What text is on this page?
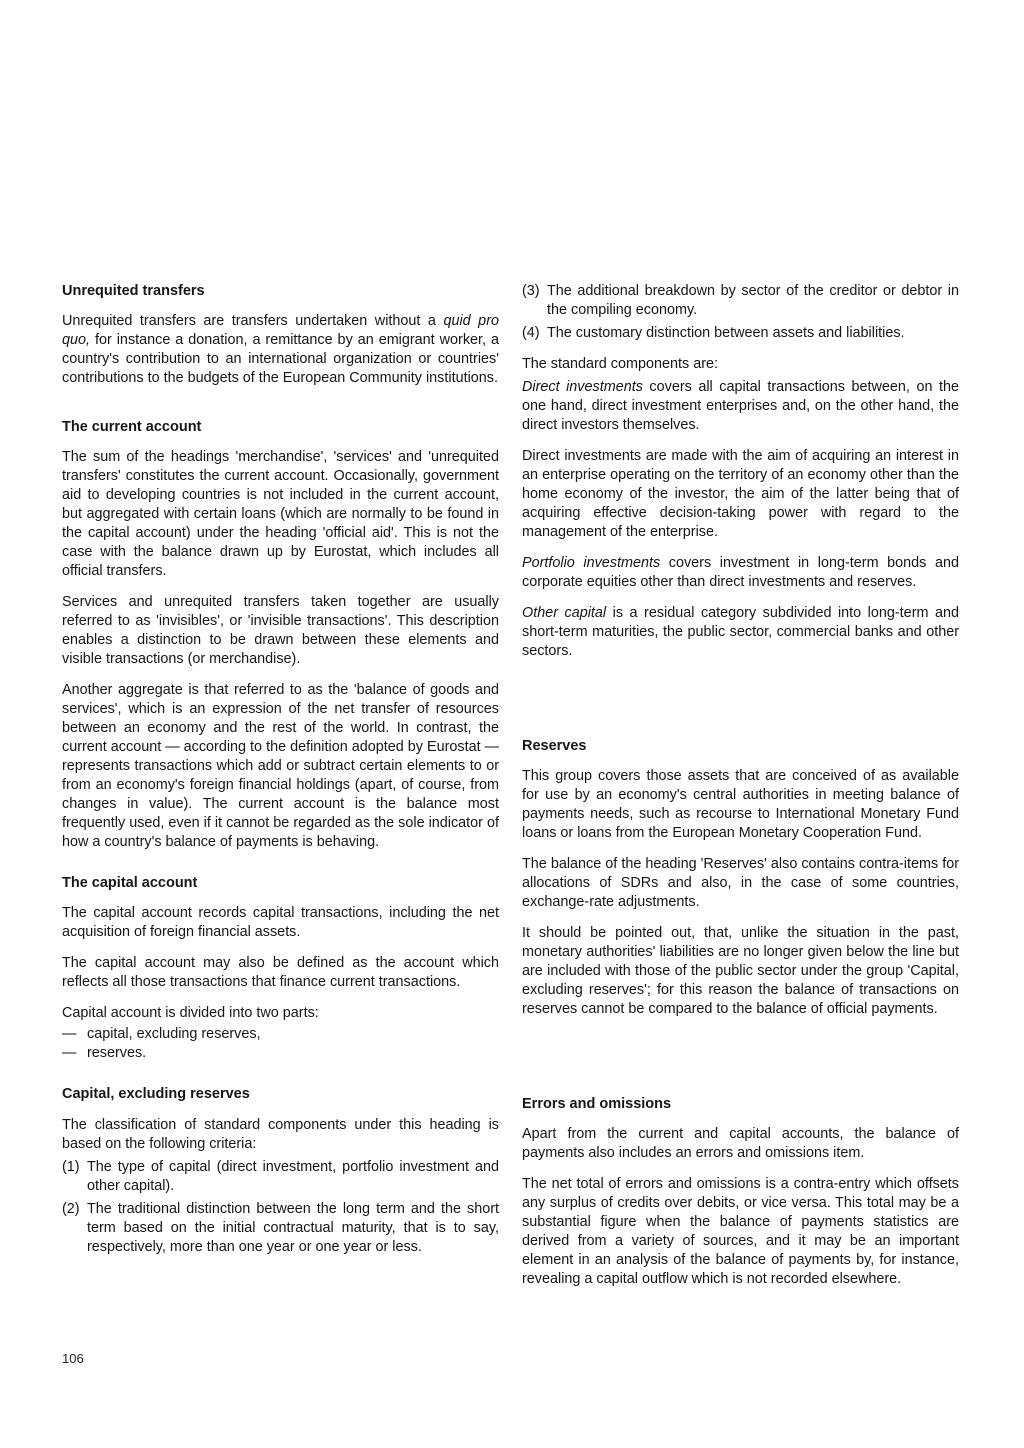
Unrequited transfers

Unrequited transfers are transfers undertaken without a quid pro quo, for instance a donation, a remittance by an emigrant worker, a country's contribution to an international organization or countries' contributions to the budgets of the European Community institutions.

The current account

The sum of the headings 'merchandise', 'services' and 'unrequited transfers' constitutes the current account. Occasionally, government aid to developing countries is not included in the current account, but aggregated with certain loans (which are normally to be found in the capital account) under the heading 'official aid'. This is not the case with the balance drawn up by Eurostat, which includes all official transfers.

Services and unrequited transfers taken together are usually referred to as 'invisibles', or 'invisible transactions'. This description enables a distinction to be drawn between these elements and visible transactions (or merchandise).

Another aggregate is that referred to as the 'balance of goods and services', which is an expression of the net transfer of resources between an economy and the rest of the world. In contrast, the current account — according to the definition adopted by Eurostat — represents transactions which add or subtract certain elements to or from an economy's foreign financial holdings (apart, of course, from changes in value). The current account is the balance most frequently used, even if it cannot be regarded as the sole indicator of how a country's balance of payments is behaving.

The capital account

The capital account records capital transactions, including the net acquisition of foreign financial assets.

The capital account may also be defined as the account which reflects all those transactions that finance current transactions.

Capital account is divided into two parts:

— capital, excluding reserves,
— reserves.
Capital, excluding reserves

The classification of standard components under this heading is based on the following criteria:

(1) The type of capital (direct investment, portfolio investment and other capital).
(2) The traditional distinction between the long term and the short term based on the initial contractual maturity, that is to say, respectively, more than one year or one year or less.
(3) The additional breakdown by sector of the creditor or debtor in the compiling economy.
(4) The customary distinction between assets and liabilities.

The standard components are:

Direct investments covers all capital transactions between, on the one hand, direct investment enterprises and, on the other hand, the direct investors themselves.

Direct investments are made with the aim of acquiring an interest in an enterprise operating on the territory of an economy other than the home economy of the investor, the aim of the latter being that of acquiring effective decision-taking power with regard to the management of the enterprise.

Portfolio investments covers investment in long-term bonds and corporate equities other than direct investments and reserves.

Other capital is a residual category subdivided into long-term and short-term maturities, the public sector, commercial banks and other sectors.

Reserves

This group covers those assets that are conceived of as available for use by an economy's central authorities in meeting balance of payments needs, such as recourse to International Monetary Fund loans or loans from the European Monetary Cooperation Fund.

The balance of the heading 'Reserves' also contains contra-items for allocations of SDRs and also, in the case of some countries, exchange-rate adjustments.

It should be pointed out, that, unlike the situation in the past, monetary authorities' liabilities are no longer given below the line but are included with those of the public sector under the group 'Capital, excluding reserves'; for this reason the balance of transactions on reserves cannot be compared to the balance of official payments.

Errors and omissions

Apart from the current and capital accounts, the balance of payments also includes an errors and omissions item.

The net total of errors and omissions is a contra-entry which offsets any surplus of credits over debits, or vice versa. This total may be a substantial figure when the balance of payments statistics are derived from a variety of sources, and it may be an important element in an analysis of the balance of payments by, for instance, revealing a capital outflow which is not recorded elsewhere.

106
